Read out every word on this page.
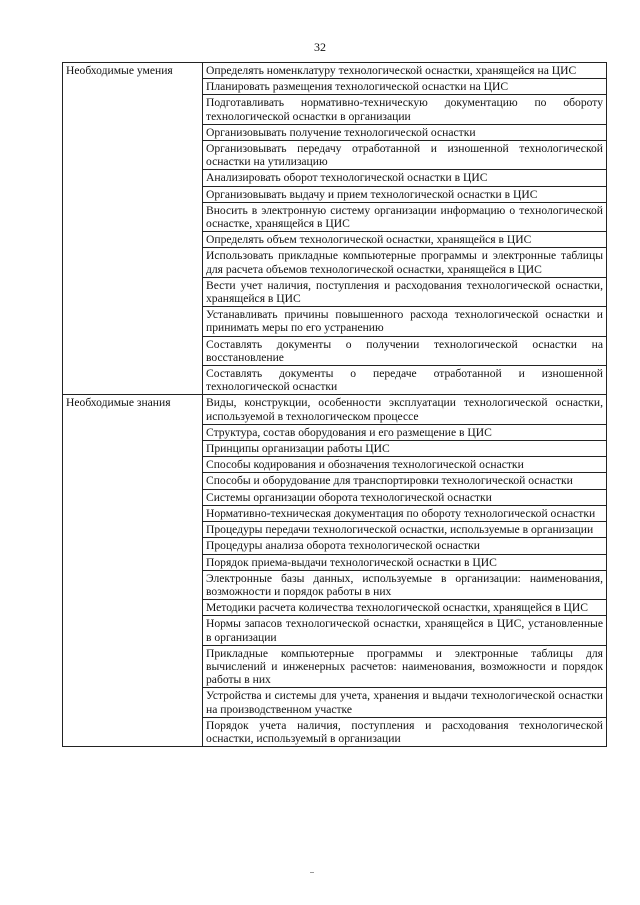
32
Необходимые умения	Определять номенклатуру технологической оснастки, хранящейся на ЦИС
	Планировать размещения технологической оснастки на ЦИС
	Подготавливать нормативно-техническую документацию по обороту технологической оснастки в организации
	Организовывать получение технологической оснастки
	Организовывать передачу отработанной и изношенной технологической оснастки на утилизацию
	Анализировать оборот технологической оснастки в ЦИС
	Организовывать выдачу и прием технологической оснастки в ЦИС
	Вносить в электронную систему организации информацию о технологической оснастке, хранящейся в ЦИС
	Определять объем технологической оснастки, хранящейся в ЦИС
	Использовать прикладные компьютерные программы и электронные таблицы для расчета объемов технологической оснастки, хранящейся в ЦИС
	Вести учет наличия, поступления и расходования технологической оснастки, хранящейся в ЦИС
	Устанавливать причины повышенного расхода технологической оснастки и принимать меры по его устранению
	Составлять документы о получении технологической оснастки на восстановление
	Составлять документы о передаче отработанной и изношенной технологической оснастки
Необходимые знания	Виды, конструкции, особенности эксплуатации технологической оснастки, используемой в технологическом процессе
	Структура, состав оборудования и его размещение в ЦИС
	Принципы организации работы ЦИС
	Способы кодирования и обозначения технологической оснастки
	Способы и оборудование для транспортировки технологической оснастки
	Системы организации оборота технологической оснастки
	Нормативно-техническая документация по обороту технологической оснастки
	Процедуры передачи технологической оснастки, используемые в организации
	Процедуры анализа оборота технологической оснастки
	Порядок приема-выдачи технологической оснастки в ЦИС
	Электронные базы данных, используемые в организации: наименования, возможности и порядок работы в них
	Методики расчета количества технологической оснастки, хранящейся в ЦИС
	Нормы запасов технологической оснастки, хранящейся в ЦИС, установленные в организации
	Прикладные компьютерные программы и электронные таблицы для вычислений и инженерных расчетов: наименования, возможности и порядок работы в них
	Устройства и системы для учета, хранения и выдачи технологической оснастки на производственном участке
	Порядок учета наличия, поступления и расходования технологической оснастки, используемый в организации
